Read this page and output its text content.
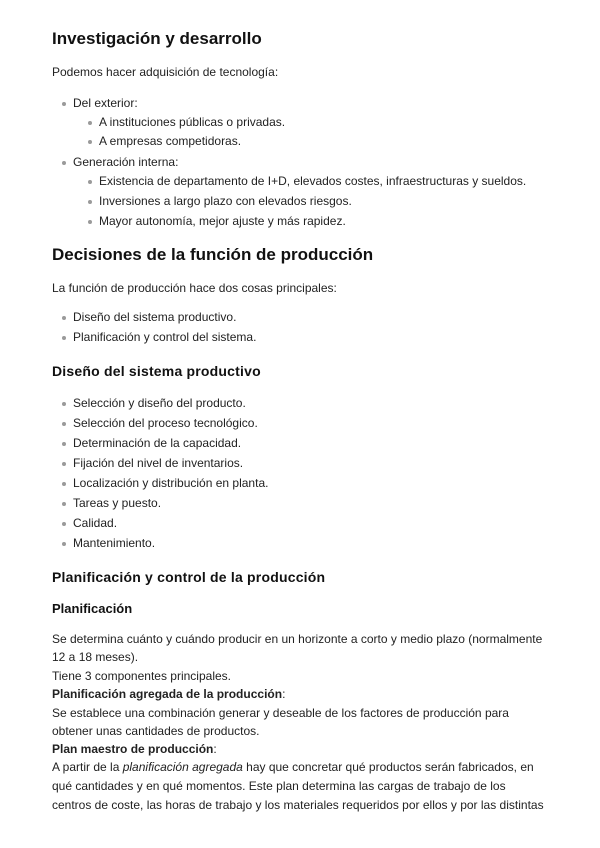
Investigación y desarrollo

Podemos hacer adquisición de tecnología:

Del exterior:
A instituciones públicas o privadas.
A empresas competidoras.
Generación interna:
Existencia de departamento de I+D, elevados costes, infraestructuras y sueldos.
Inversiones a largo plazo con elevados riesgos.
Mayor autonomía, mejor ajuste y más rapidez.
Decisiones de la función de producción

La función de producción hace dos cosas principales:

Diseño del sistema productivo.
Planificación y control del sistema.
Diseño del sistema productivo
Selección y diseño del producto.
Selección del proceso tecnológico.
Determinación de la capacidad.
Fijación del nivel de inventarios.
Localización y distribución en planta.
Tareas y puesto.
Calidad.
Mantenimiento.
Planificación y control de la producción
Planificación

Se determina cuánto y cuándo producir en un horizonte a corto y medio plazo (normalmente

12 a 18 meses).

Tiene 3 componentes principales.

Planificación agregada de la producción:

Se establece una combinación generar y deseable de los factores de producción para

obtener unas cantidades de productos.

Plan maestro de producción:

A partir de la planificación agregada hay que concretar qué productos serán fabricados, en

qué cantidades y en qué momentos. Este plan determina las cargas de trabajo de los

centros de coste, las horas de trabajo y los materiales requeridos por ellos y por las distintas
